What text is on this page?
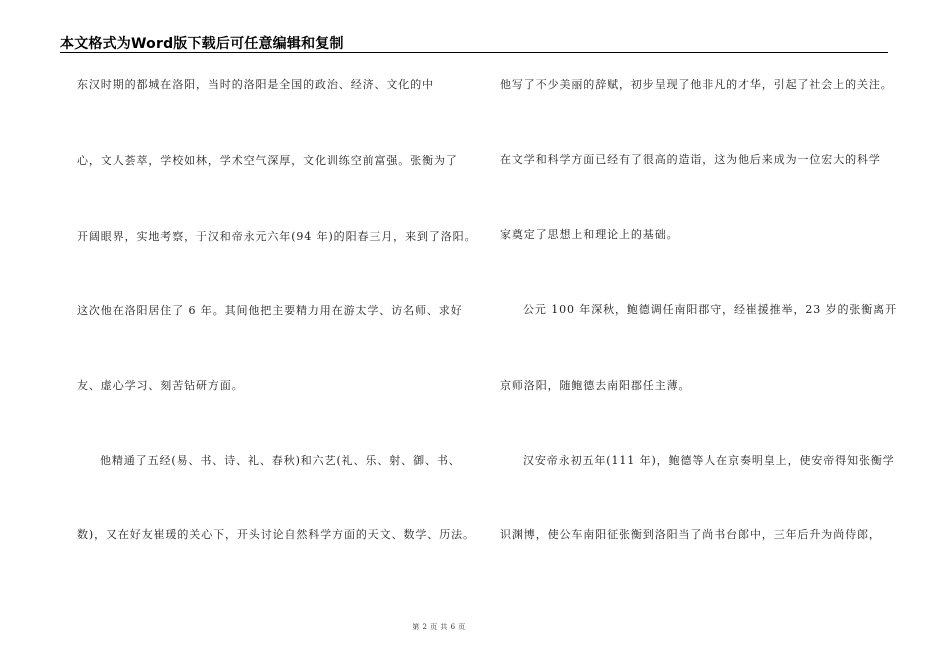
本文格式为Word版下载后可任意编辑和复制
东汉时期的都城在洛阳，当时的洛阳是全国的政治、经济、文化的中
心，文人荟萃，学校如林，学术空气深厚，文化训练空前富强。张衡为了
开阔眼界，实地考察，于汉和帝永元六年(94 年)的阳春三月，来到了洛阳。
这次他在洛阳居住了 6 年。其间他把主要精力用在游太学、访名师、求好
友、虚心学习、刻苦钻研方面。
他精通了五经(易、书、诗、礼、春秋)和六艺(礼、乐、射、御、书、
数)，又在好友崔瑗的关心下，开头讨论自然科学方面的天文、数学、历法。
他写了不少美丽的辞赋，初步呈现了他非凡的才华，引起了社会上的关注。
在文学和科学方面已经有了很高的造诣，这为他后来成为一位宏大的科学
家奠定了思想上和理论上的基础。
公元 100 年深秋，鲍德调任南阳郡守，经崔援推举，23 岁的张衡离开
京师洛阳，随鲍德去南阳郡任主薄。
汉安帝永初五年(111 年)，鲍德等人在京奏明皇上，使安帝得知张衡学
识渊博，使公车南阳征张衡到洛阳当了尚书台郎中，三年后升为尚侍郎，
第 2 页 共 6 页
